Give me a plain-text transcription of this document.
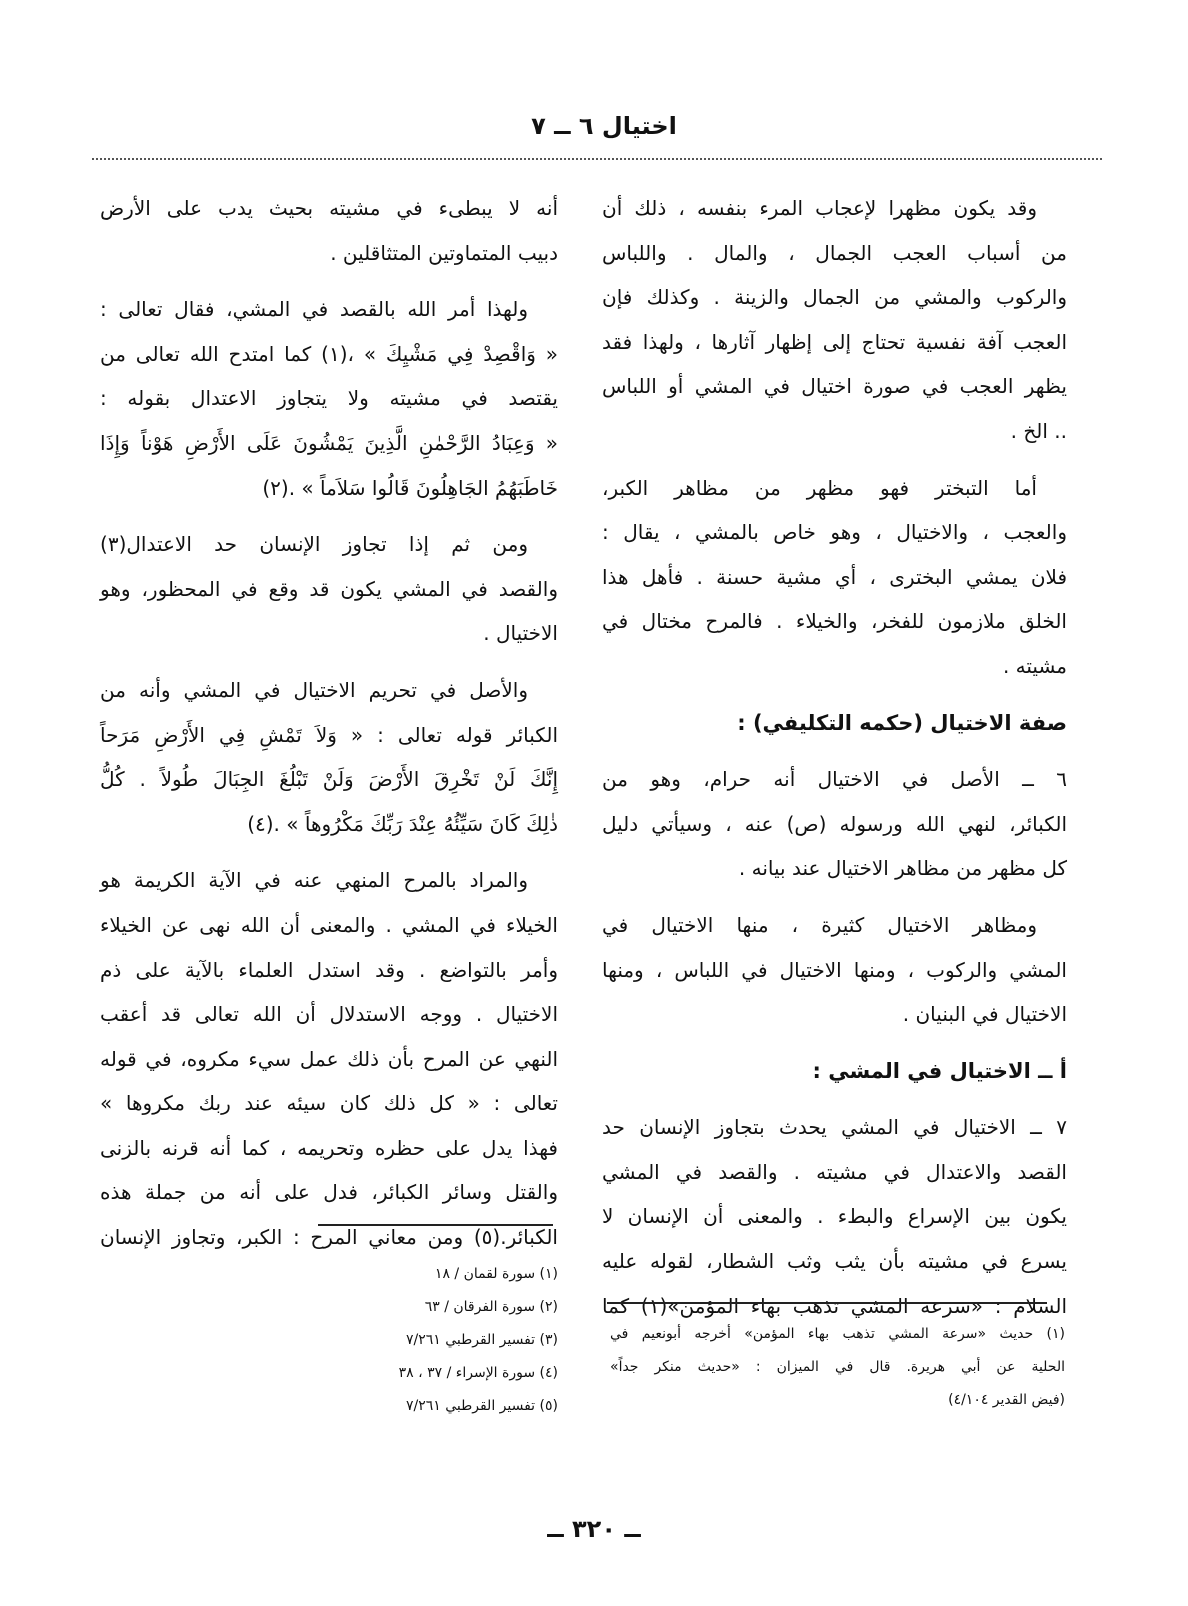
اختيال ٦ ــ ٧
وقد يكون مظهرا لإعجاب المرء بنفسه ، ذلك أن
من أسباب العجب الجمال ، والمال . واللباس
والركوب والمشي من الجمال والزينة . وكذلك فإن
العجب آفة نفسية تحتاج إلى إظهار آثارها ، ولهذا فقد
يظهر العجب في صورة اختيال في المشي أو اللباس
.. الخ .
أما التبختر فهو مظهر من مظاهر الكبر،
والعجب ، والاختيال ، وهو خاص بالمشي ، يقال :
فلان يمشي البخترى ، أي مشية حسنة . فأهل هذا
الخلق ملازمون للفخر، والخيلاء . فالمرح مختال في
مشيته .
صفة الاختيال (حكمه التكليفي) :
٦ ــ الأصل في الاختيال أنه حرام، وهو من
الكبائر، لنهي الله ورسوله (ص) عنه ، وسيأتي دليل
كل مظهر من مظاهر الاختيال عند بيانه .
ومظاهر الاختيال كثيرة ، منها الاختيال في
المشي والركوب ، ومنها الاختيال في اللباس ، ومنها
الاختيال في البنيان .
أ ــ الاختيال في المشي :
٧ ــ الاختيال في المشي يحدث بتجاوز الإنسان حد
القصد والاعتدال في مشيته . والقصد في المشي
يكون بين الإسراع والبطء . والمعنى أن الإنسان لا
يسرع في مشيته بأن يثب وثب الشطار، لقوله عليه
السلام : «سرعة المشي تذهب بهاء المؤمن»(١) كما
أنه لا يبطىء في مشيته بحيث يدب على الأرض
دبيب المتماوتين المتثاقلين .
ولهذا أمر الله بالقصد في المشي، فقال تعالى :
« وَاقْصِدْ فِي مَشْيِكَ » ،(١) كما امتدح الله تعالى من
يقتصد في مشيته ولا يتجاوز الاعتدال بقوله :
« وَعِبَادُ الرَّحْمٰنِ الَّذِينَ يَمْشُونَ عَلَى الأَرْضِ هَوْناً وَإِذَا
خَاطَبَهُمُ الجَاهِلُونَ قَالُوا سَلاَماً » .(٢)
ومن ثم إذا تجاوز الإنسان حد الاعتدال(٣)
والقصد في المشي يكون قد وقع في المحظور، وهو
الاختيال .
والأصل في تحريم الاختيال في المشي وأنه من
الكبائر قوله تعالى : « وَلاَ تَمْشِ فِي الأَرْضِ مَرَحاً
إِنَّكَ لَنْ تَخْرِقَ الأَرْضَ وَلَنْ تَبْلُغَ الجِبَالَ طُولاً . كُلُّ
ذٰلِكَ كَانَ سَيِّئُهُ عِنْدَ رَبِّكَ مَكْرُوهاً » .(٤)
والمراد بالمرح المنهي عنه في الآية الكريمة هو
الخيلاء في المشي . والمعنى أن الله نهى عن الخيلاء
وأمر بالتواضع . وقد استدل العلماء بالآية على ذم
الاختيال . ووجه الاستدلال أن الله تعالى قد أعقب
النهي عن المرح بأن ذلك عمل سيء مكروه، في قوله
تعالى : « كل ذلك كان سيئه عند ربك مكروها »
فهذا يدل على حظره وتحريمه ، كما أنه قرنه بالزنى
والقتل وسائر الكبائر، فدل على أنه من جملة هذه
الكبائر.(٥) ومن معاني المرح : الكبر، وتجاوز الإنسان
(١) حديث «سرعة المشي تذهب بهاء المؤمن» أخرجه أبونعيم في
الحلية عن أبي هريرة. قال في الميزان : «حديث منكر جداً»
(فيض القدير ٤/١٠٤)
(١) سورة لقمان / ١٨
(٢) سورة الفرقان / ٦٣
(٣) تفسير القرطبي ٧/٢٦١
(٤) سورة الإسراء / ٣٧ ، ٣٨
(٥) تفسير القرطبي ٧/٢٦١
ــ ٣٢٠ ــ
